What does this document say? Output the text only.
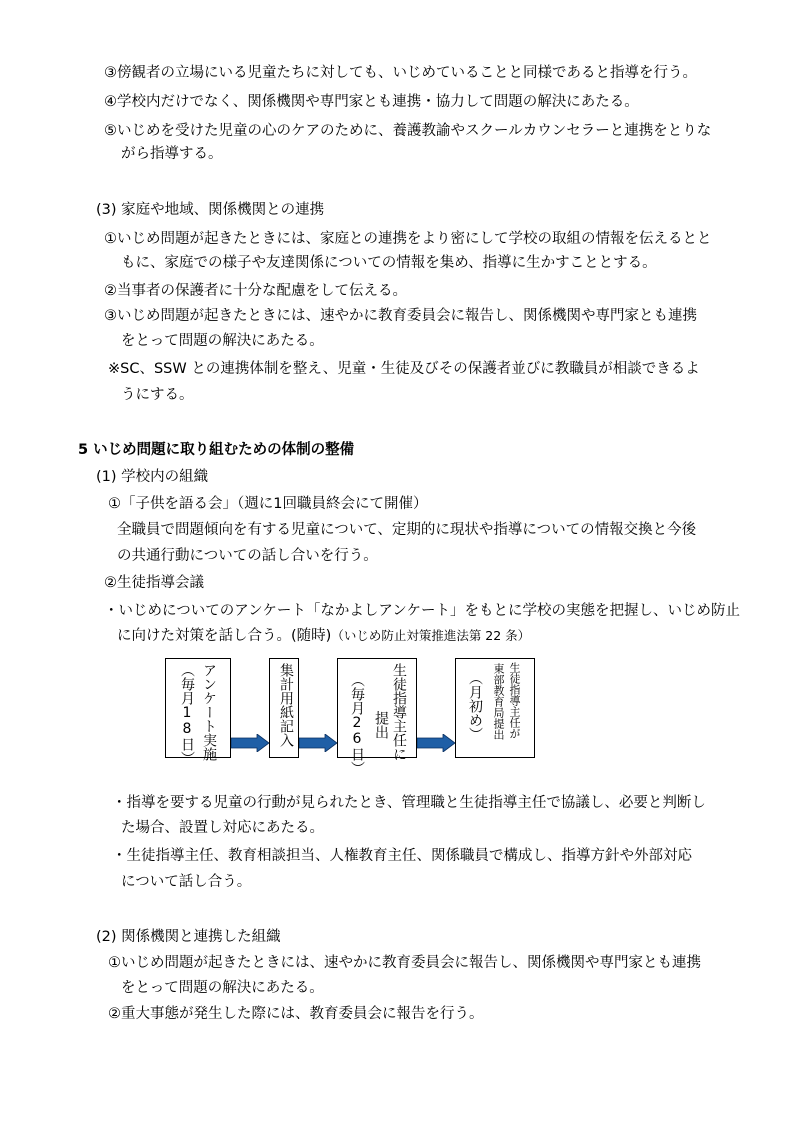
③傍観者の立場にいる児童たちに対しても、いじめていることと同様であると指導を行う。
④学校内だけでなく、関係機関や専門家とも連携・協力して問題の解決にあたる。
⑤いじめを受けた児童の心のケアのために、養護教諭やスクールカウンセラーと連携をとりな
がら指導する。
(3) 家庭や地域、関係機関との連携
①いじめ問題が起きたときには、家庭との連携をより密にして学校の取組の情報を伝えるとと
もに、家庭での様子や友達関係についての情報を集め、指導に生かすこととする。
②当事者の保護者に十分な配慮をして伝える。
③いじめ問題が起きたときには、速やかに教育委員会に報告し、関係機関や専門家とも連携
をとって問題の解決にあたる。
※SC、SSW との連携体制を整え、児童・生徒及びその保護者並びに教職員が相談できるよ
うにする。
5 いじめ問題に取り組むための体制の整備
(1) 学校内の組織
①「子供を語る会」（週に1回職員終会にて開催）
全職員で問題傾向を有する児童について、定期的に現状や指導についての情報交換と今後
の共通行動についての話し合いを行う。
②生徒指導会議
・いじめについてのアンケート「なかよしアンケート」をもとに学校の実態を把握し、いじめ防止
に向けた対策を話し合う。(随時)（いじめ防止対策推進法第 22 条）
アンケート実施
（毎月18日）	集計用紙記入	生徒指導主任に
提出
（毎月26日）	生徒指導主任が
東部教育局提出
（月初め）
・指導を要する児童の行動が見られたとき、管理職と生徒指導主任で協議し、必要と判断し
た場合、設置し対応にあたる。
・生徒指導主任、教育相談担当、人権教育主任、関係職員で構成し、指導方針や外部対応
について話し合う。
(2) 関係機関と連携した組織
①いじめ問題が起きたときには、速やかに教育委員会に報告し、関係機関や専門家とも連携
をとって問題の解決にあたる。
②重大事態が発生した際には、教育委員会に報告を行う。
